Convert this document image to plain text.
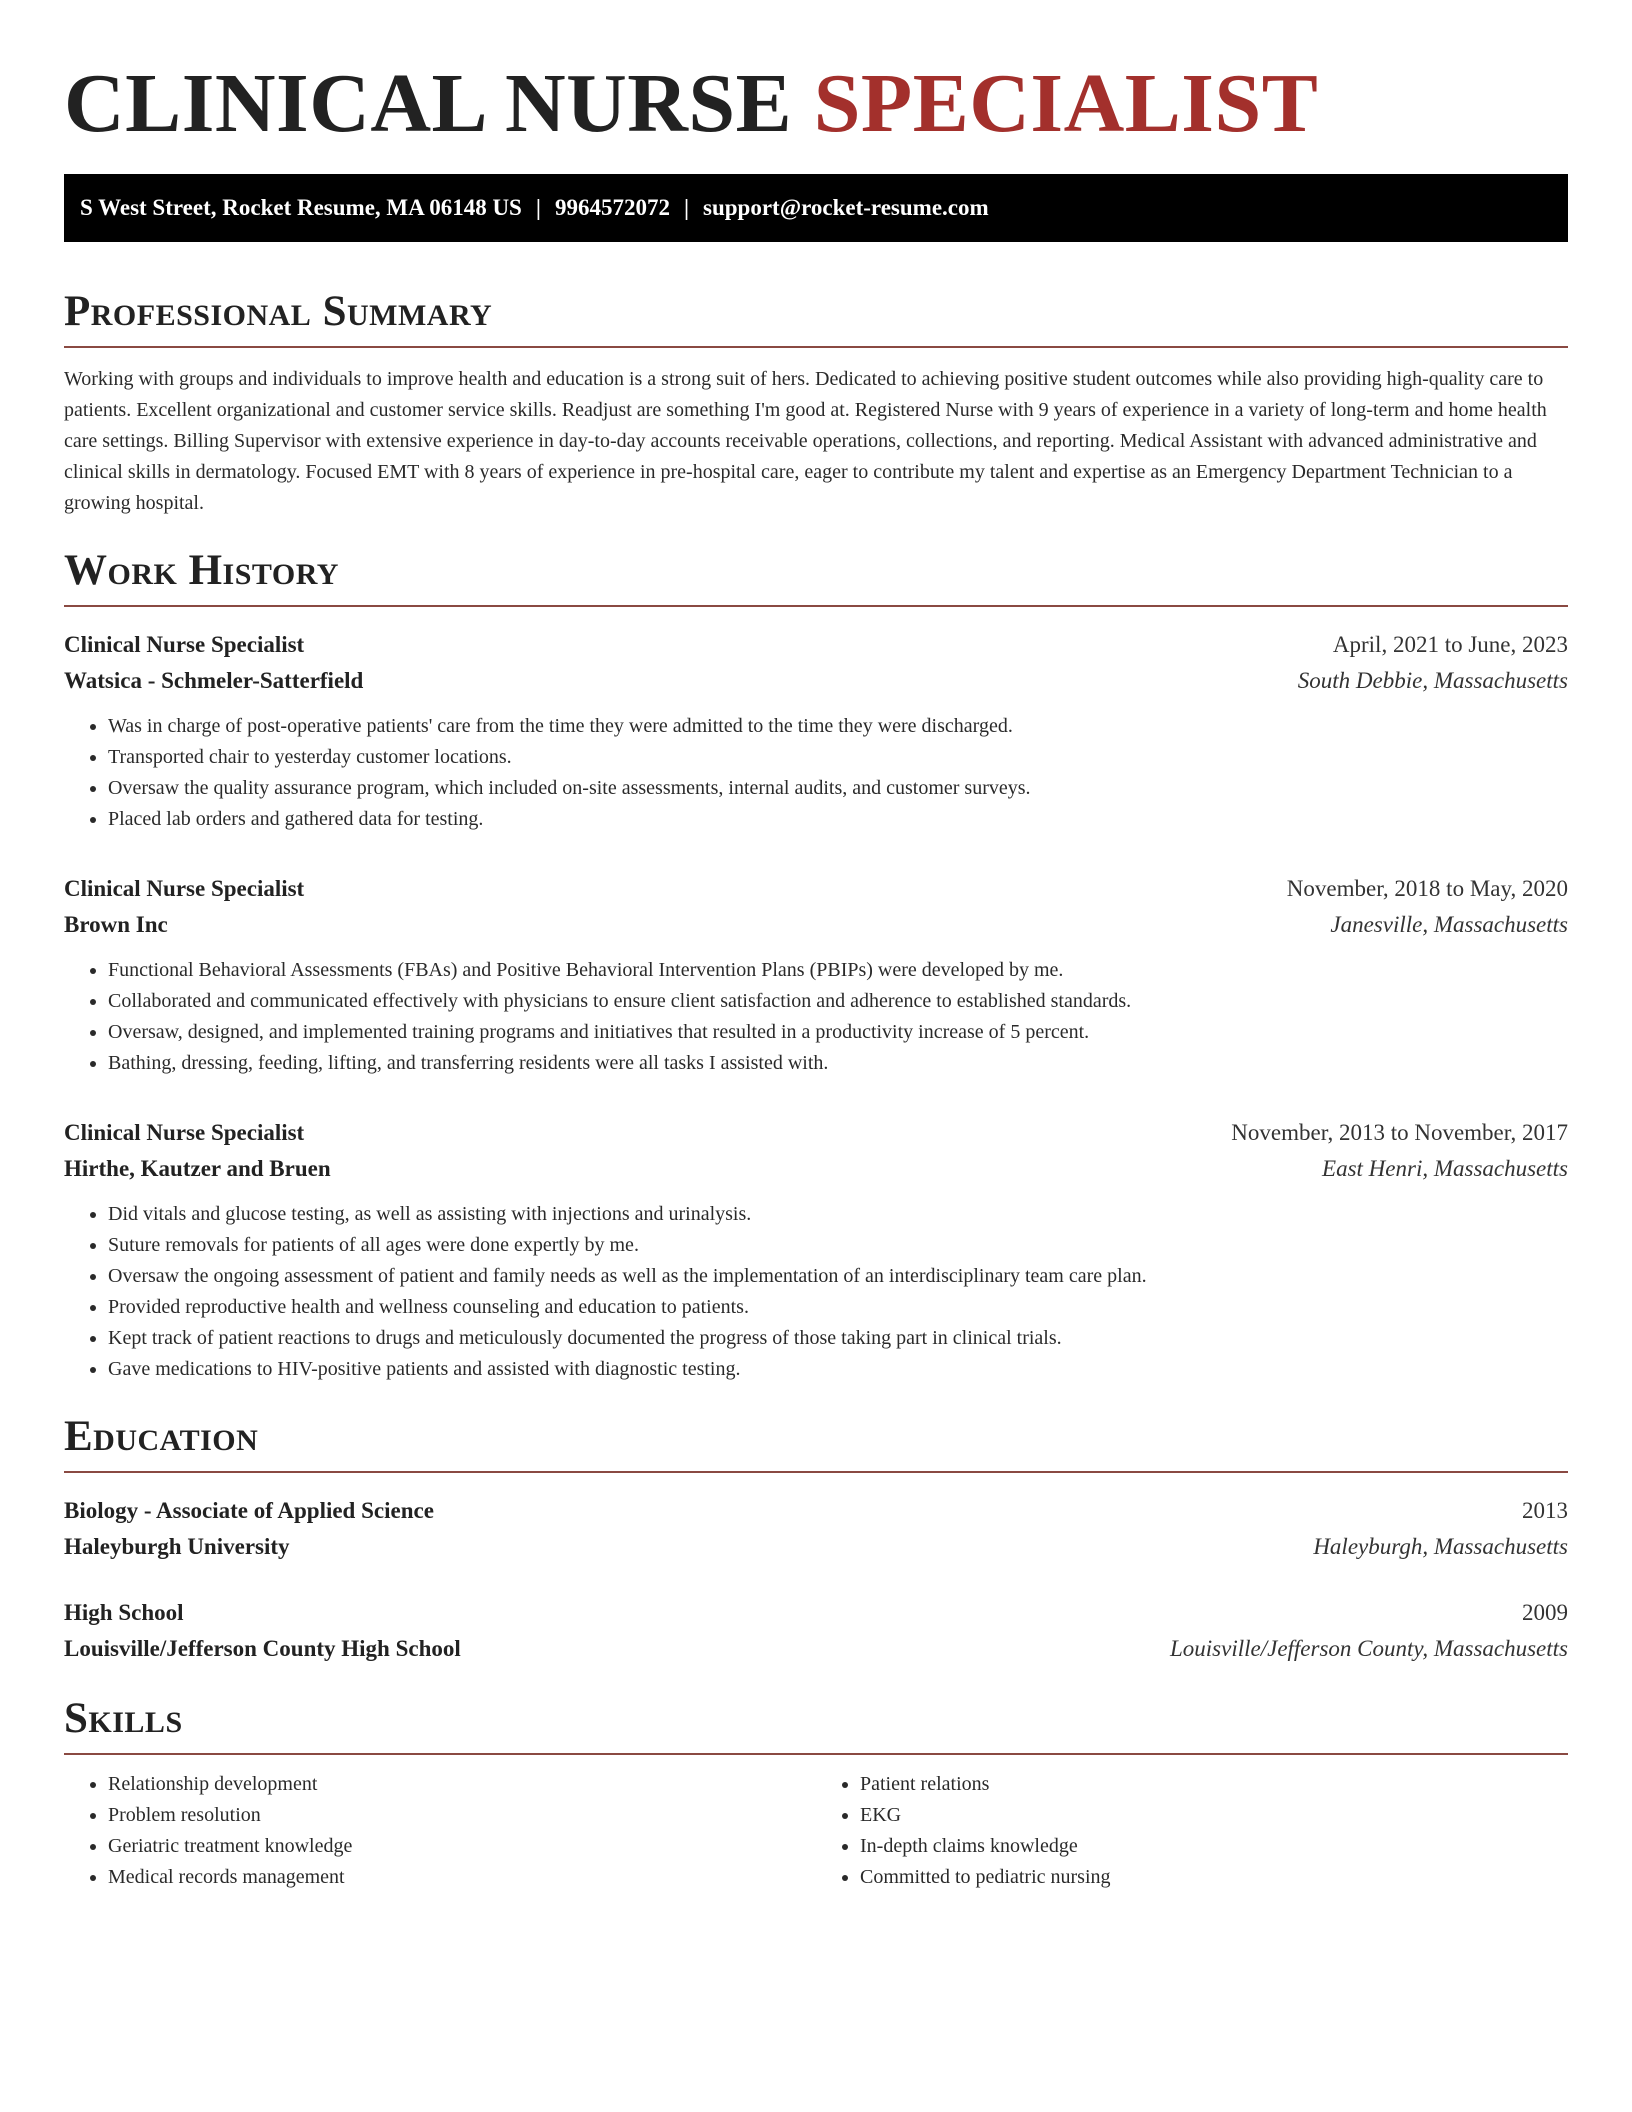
CLINICAL NURSE SPECIALIST
S West Street, Rocket Resume, MA 06148 US | 9964572072 | support@rocket-resume.com
Professional Summary

Working with groups and individuals to improve health and education is a strong suit of hers. Dedicated to achieving positive student outcomes while also providing high-quality care to patients. Excellent organizational and customer service skills. Readjust are something I'm good at. Registered Nurse with 9 years of experience in a variety of long-term and home health care settings. Billing Supervisor with extensive experience in day-to-day accounts receivable operations, collections, and reporting. Medical Assistant with advanced administrative and clinical skills in dermatology. Focused EMT with 8 years of experience in pre-hospital care, eager to contribute my talent and expertise as an Emergency Department Technician to a growing hospital.

Work History
Clinical Nurse Specialist	April, 2021 to June, 2023
Watsica - Schmeler-Satterfield	South Debbie, Massachusetts
• Was in charge of post-operative patients' care from the time they were admitted to the time they were discharged.
• Transported chair to yesterday customer locations.
• Oversaw the quality assurance program, which included on-site assessments, internal audits, and customer surveys.
• Placed lab orders and gathered data for testing.
Clinical Nurse Specialist	November, 2018 to May, 2020
Brown Inc	Janesville, Massachusetts
• Functional Behavioral Assessments (FBAs) and Positive Behavioral Intervention Plans (PBIPs) were developed by me.
• Collaborated and communicated effectively with physicians to ensure client satisfaction and adherence to established standards.
• Oversaw, designed, and implemented training programs and initiatives that resulted in a productivity increase of 5 percent.
• Bathing, dressing, feeding, lifting, and transferring residents were all tasks I assisted with.
Clinical Nurse Specialist	November, 2013 to November, 2017
Hirthe, Kautzer and Bruen	East Henri, Massachusetts
• Did vitals and glucose testing, as well as assisting with injections and urinalysis.
• Suture removals for patients of all ages were done expertly by me.
• Oversaw the ongoing assessment of patient and family needs as well as the implementation of an interdisciplinary team care plan.
• Provided reproductive health and wellness counseling and education to patients.
• Kept track of patient reactions to drugs and meticulously documented the progress of those taking part in clinical trials.
• Gave medications to HIV-positive patients and assisted with diagnostic testing.
Education
Biology - Associate of Applied Science	2013
Haleyburgh University	Haleyburgh, Massachusetts
High School	2009
Louisville/Jefferson County High School	Louisville/Jefferson County, Massachusetts
Skills
• Relationship development
• Problem resolution
• Geriatric treatment knowledge
• Medical records management
• Patient relations
• EKG
• In-depth claims knowledge
• Committed to pediatric nursing
